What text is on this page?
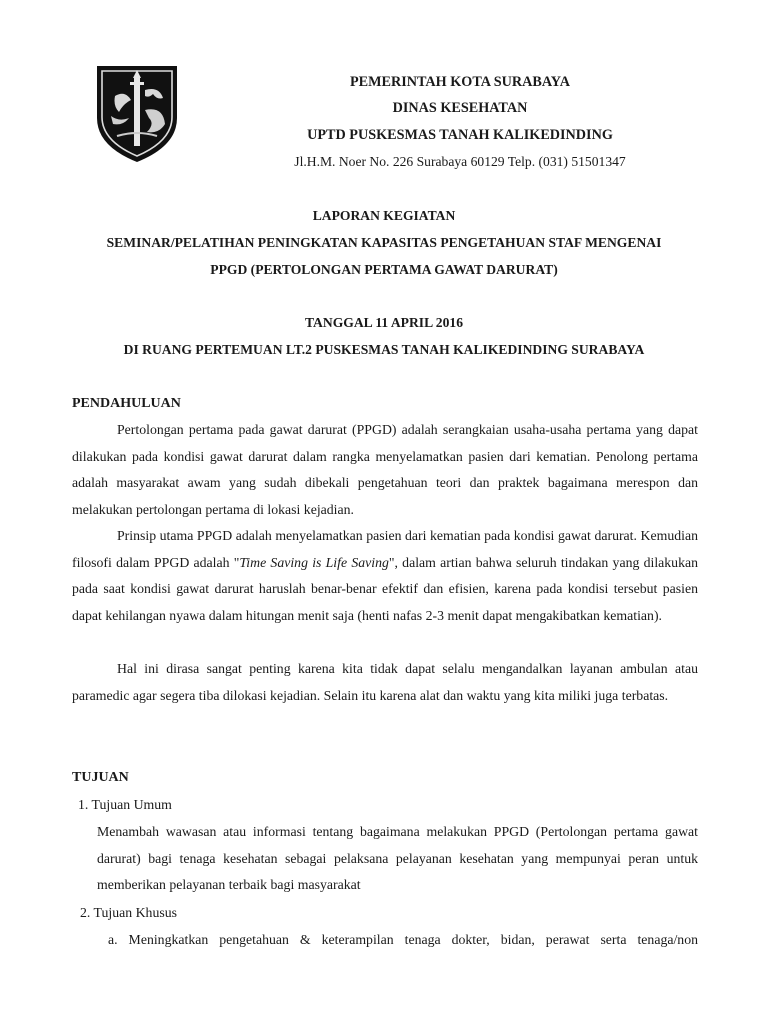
PEMERINTAH KOTA SURABAYA
DINAS KESEHATAN
UPTD PUSKESMAS TANAH KALIKEDINDING
Jl.H.M. Noer No. 226 Surabaya 60129 Telp. (031) 51501347
LAPORAN KEGIATAN
SEMINAR/PELATIHAN PENINGKATAN KAPASITAS PENGETAHUAN STAF MENGENAI
PPGD (PERTOLONGAN PERTAMA GAWAT DARURAT)
TANGGAL 11 APRIL 2016
DI RUANG PERTEMUAN LT.2 PUSKESMAS TANAH KALIKEDINDING SURABAYA
PENDAHULUAN
Pertolongan pertama pada gawat darurat (PPGD) adalah serangkaian usaha-usaha pertama yang dapat dilakukan pada kondisi gawat darurat dalam rangka menyelamatkan pasien dari kematian. Penolong pertama adalah masyarakat awam yang sudah dibekali pengetahuan teori dan praktek bagaimana merespon dan melakukan pertolongan pertama di lokasi kejadian.
Prinsip utama PPGD adalah menyelamatkan pasien dari kematian pada kondisi gawat darurat. Kemudian filosofi dalam PPGD adalah "Time Saving is Life Saving", dalam artian bahwa seluruh tindakan yang dilakukan pada saat kondisi gawat darurat haruslah benar-benar efektif dan efisien, karena pada kondisi tersebut pasien dapat kehilangan nyawa dalam hitungan menit saja (henti nafas 2-3 menit dapat mengakibatkan kematian).
Hal ini dirasa sangat penting karena kita tidak dapat selalu mengandalkan layanan ambulan atau paramedic agar segera tiba dilokasi kejadian. Selain itu karena alat dan waktu yang kita miliki juga terbatas.
TUJUAN
1. Tujuan Umum
Menambah wawasan atau informasi tentang bagaimana melakukan PPGD (Pertolongan pertama gawat darurat) bagi tenaga kesehatan sebagai pelaksana pelayanan kesehatan yang mempunyai peran untuk memberikan pelayanan terbaik bagi masyarakat
2. Tujuan Khusus
a. Meningkatkan pengetahuan & keterampilan tenaga dokter, bidan, perawat serta tenaga/non
